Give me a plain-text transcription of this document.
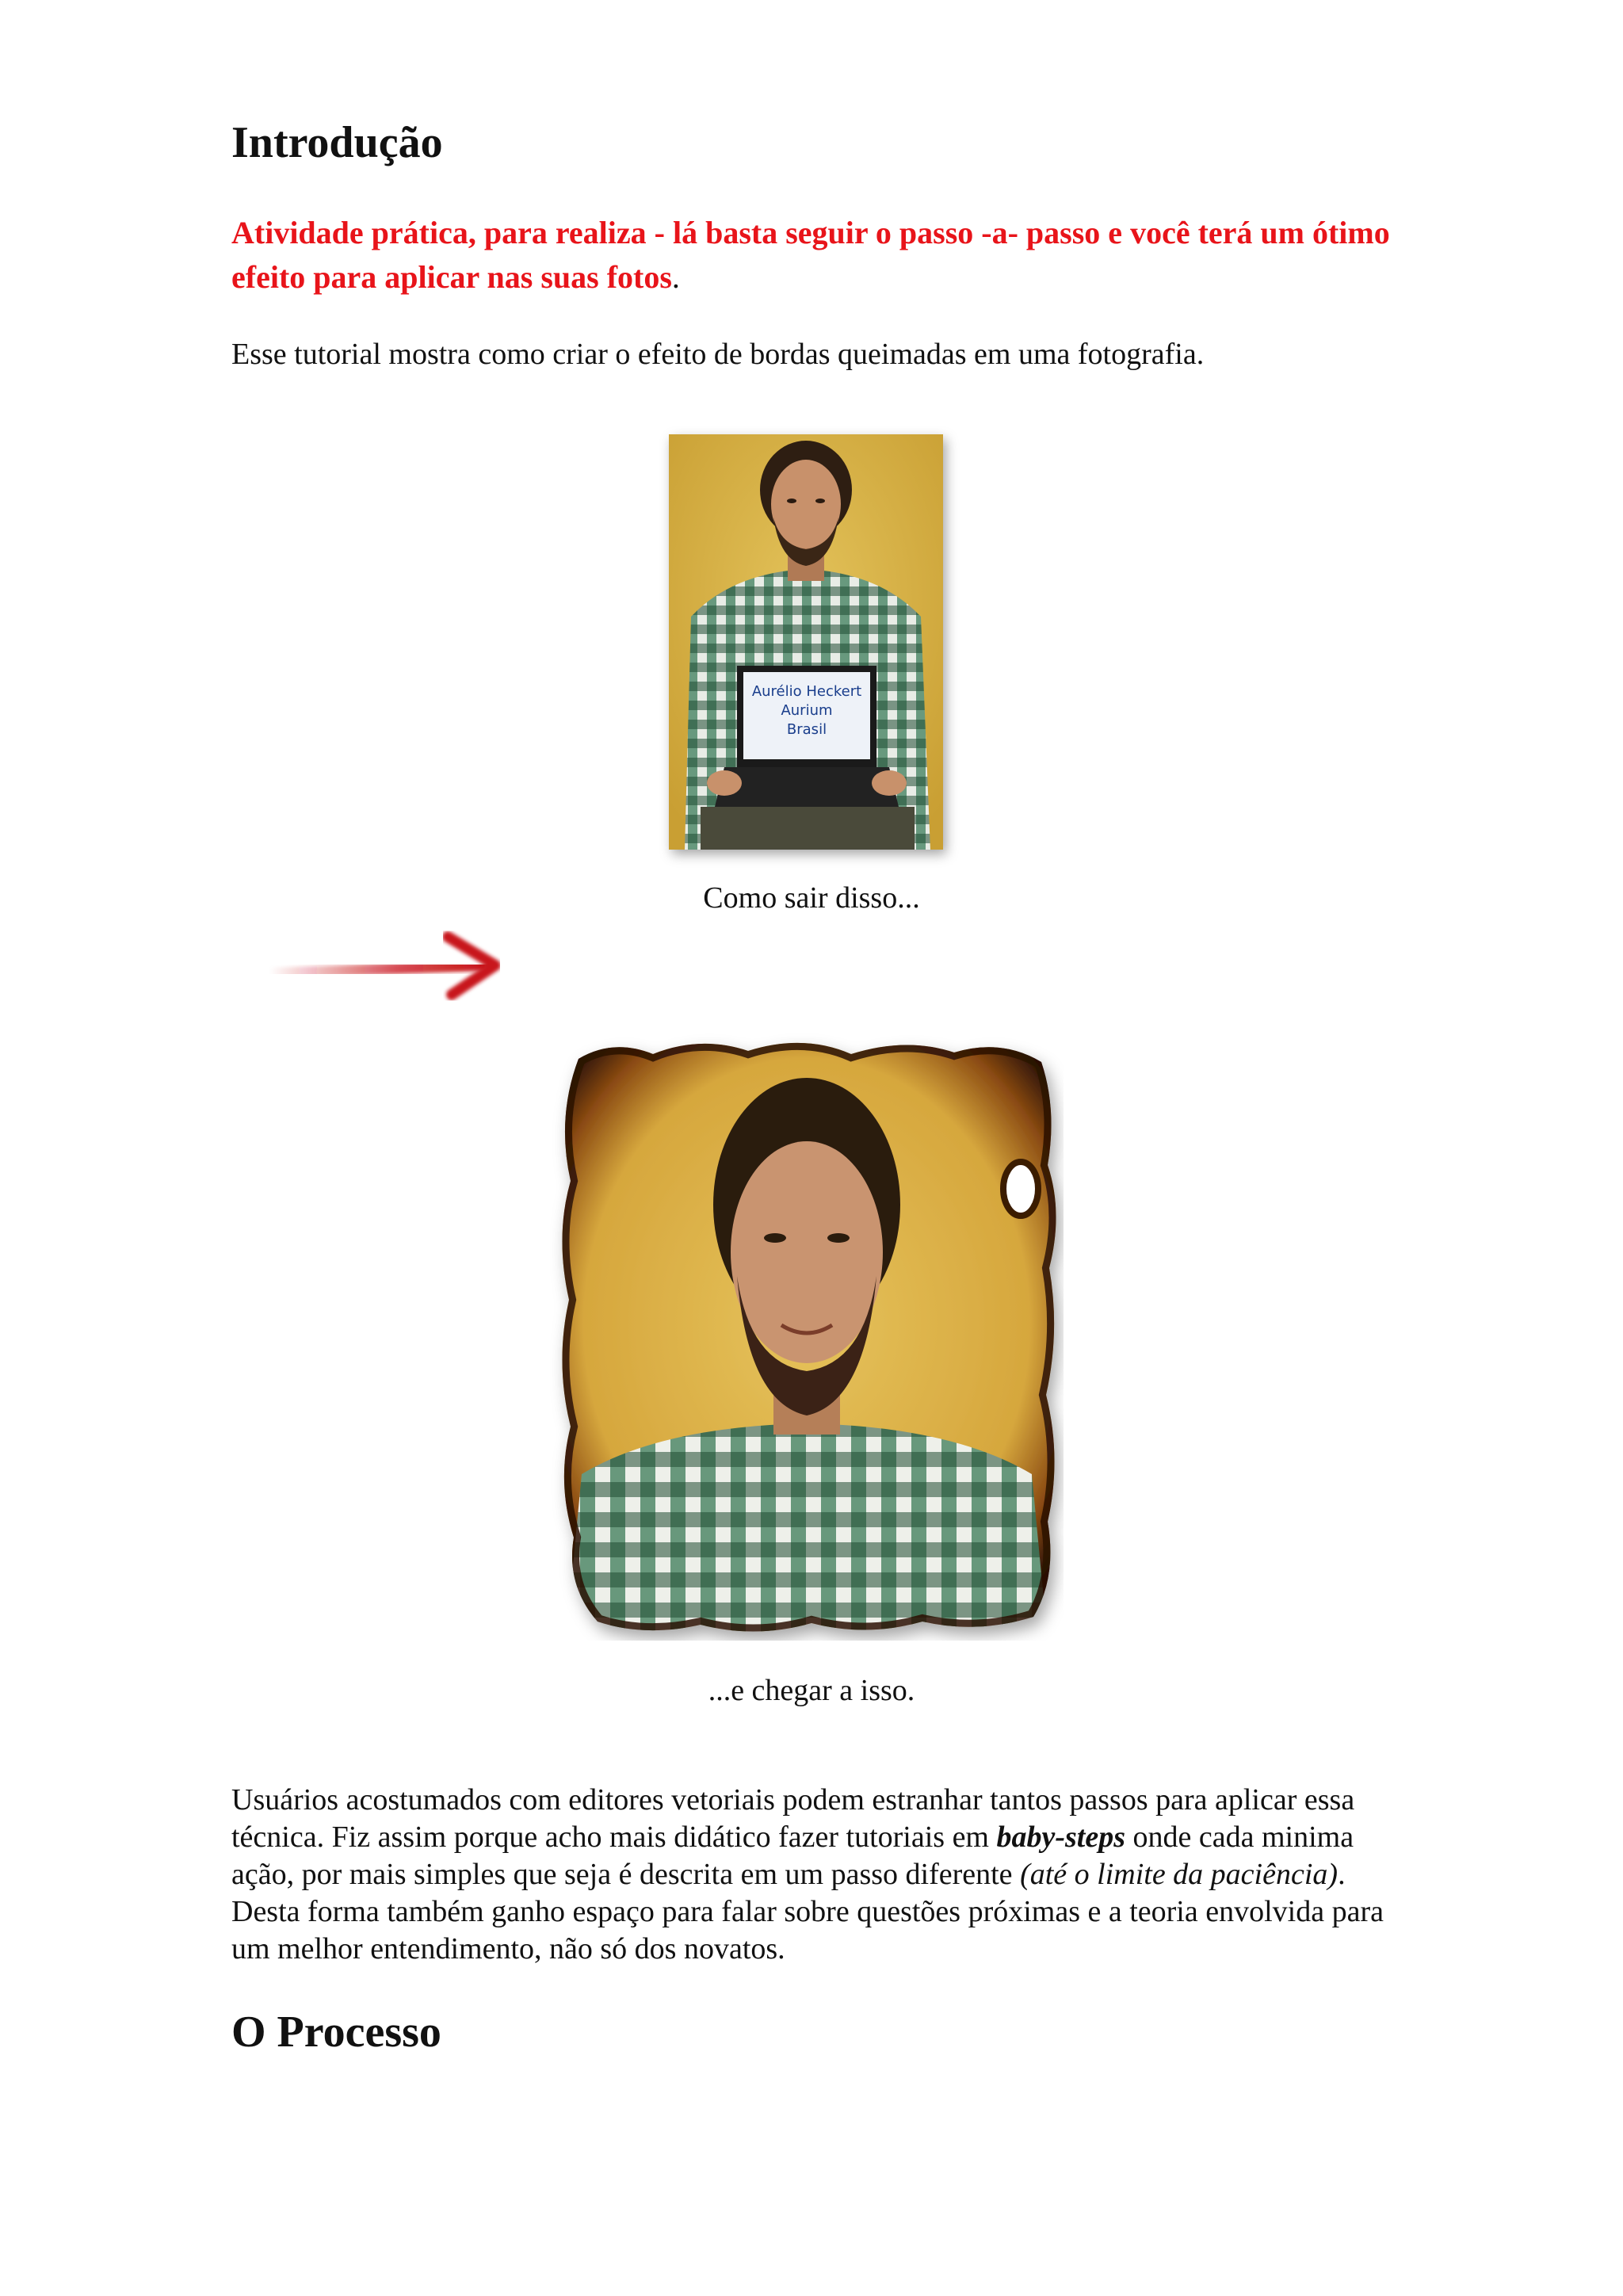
Introdução
Atividade prática, para realiza - lá basta seguir o passo -a- passo e você terá um ótimo efeito para aplicar nas suas fotos.
Esse tutorial mostra como criar o efeito de bordas queimadas em uma fotografia.
Aurélio Heckert
Aurium
Brasil
Como sair disso...
...e chegar a isso.
Usuários acostumados com editores vetoriais podem estranhar tantos passos para aplicar essa técnica. Fiz assim porque acho mais didático fazer tutoriais em baby-steps onde cada minima ação, por mais simples que seja é descrita em um passo diferente (até o limite da paciência). Desta forma também ganho espaço para falar sobre questões próximas e a teoria envolvida para um melhor entendimento, não só dos novatos.
O Processo
